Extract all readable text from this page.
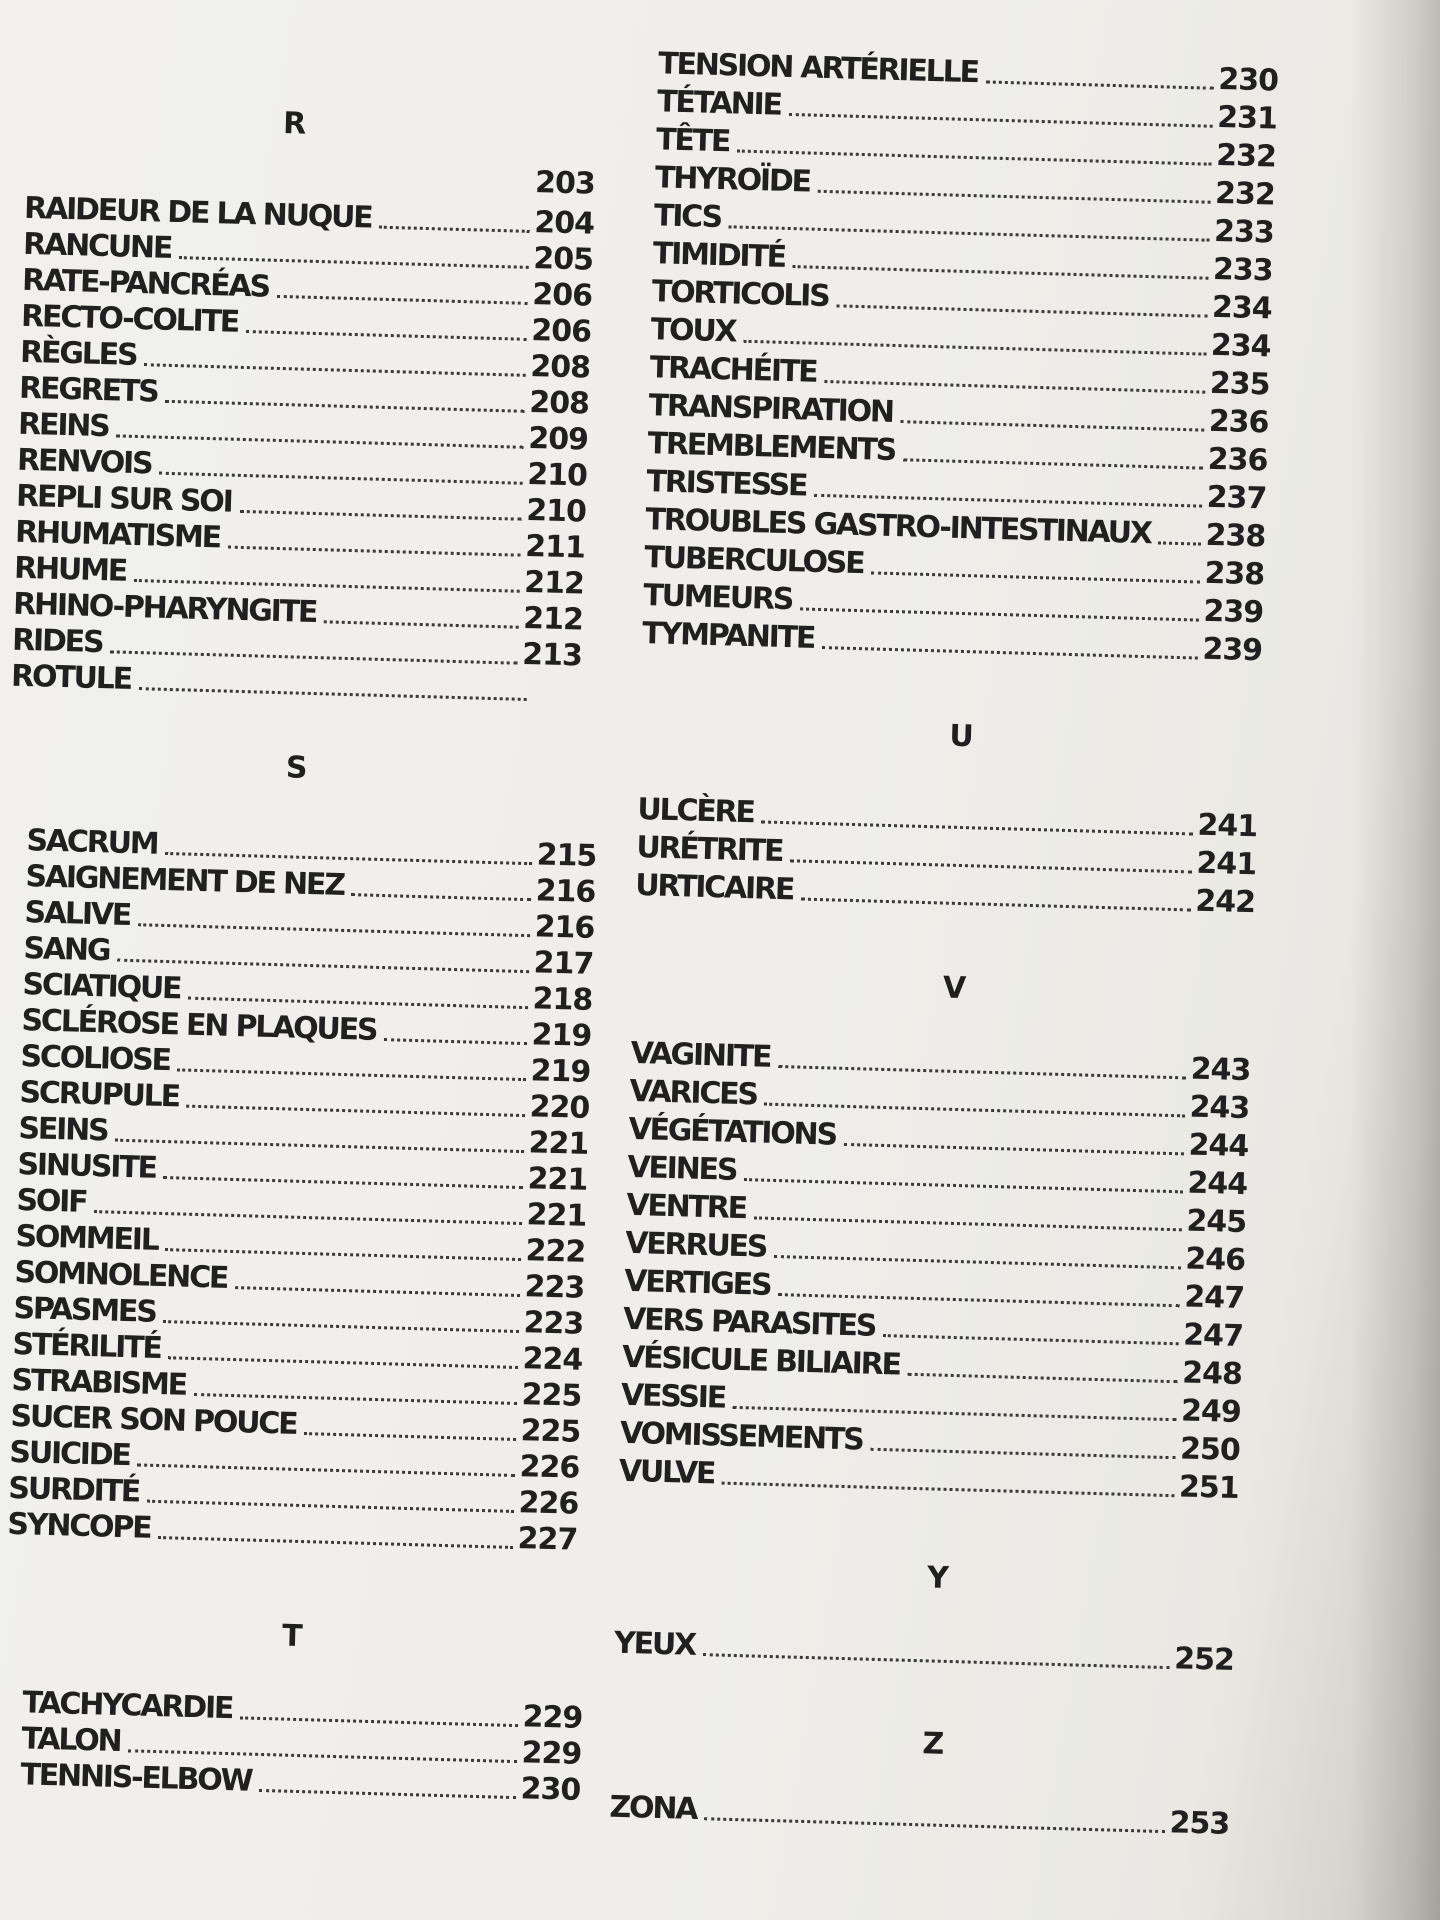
R
203
RAIDEUR DE LA NUQUE	204
RANCUNE	205
RATE-PANCRÉAS	206
RECTO-COLITE	206
RÈGLES	208
REGRETS	208
REINS	209
RENVOIS	210
REPLI SUR SOI	210
RHUMATISME	211
RHUME	212
RHINO-PHARYNGITE	212
RIDES	213
ROTULE
S
SACRUM	215
SAIGNEMENT DE NEZ	216
SALIVE	216
SANG	217
SCIATIQUE	218
SCLÉROSE EN PLAQUES	219
SCOLIOSE	219
SCRUPULE	220
SEINS	221
SINUSITE	221
SOIF	221
SOMMEIL	222
SOMNOLENCE	223
SPASMES	223
STÉRILITÉ	224
STRABISME	225
SUCER SON POUCE	225
SUICIDE	226
SURDITÉ	226
SYNCOPE	227
T
TACHYCARDIE	229
TALON	229
TENNIS-ELBOW	230
TENSION ARTÉRIELLE	230
TÉTANIE	231
TÊTE	232
THYROÏDE	232
TICS	233
TIMIDITÉ	233
TORTICOLIS	234
TOUX	234
TRACHÉITE	235
TRANSPIRATION	236
TREMBLEMENTS	236
TRISTESSE	237
TROUBLES GASTRO-INTESTINAUX 238
TUBERCULOSE	238
TUMEURS	239
TYMPANITE	239
U
ULCÈRE	241
URÉTRITE	241
URTICAIRE	242
V
VAGINITE	243
VARICES	243
VÉGÉTATIONS	244
VEINES	244
VENTRE	245
VERRUES	246
VERTIGES	247
VERS PARASITES	247
VÉSICULE BILIAIRE	248
VESSIE	249
VOMISSEMENTS	250
VULVE	251
Y
YEUX	252
Z
ZONA	253
